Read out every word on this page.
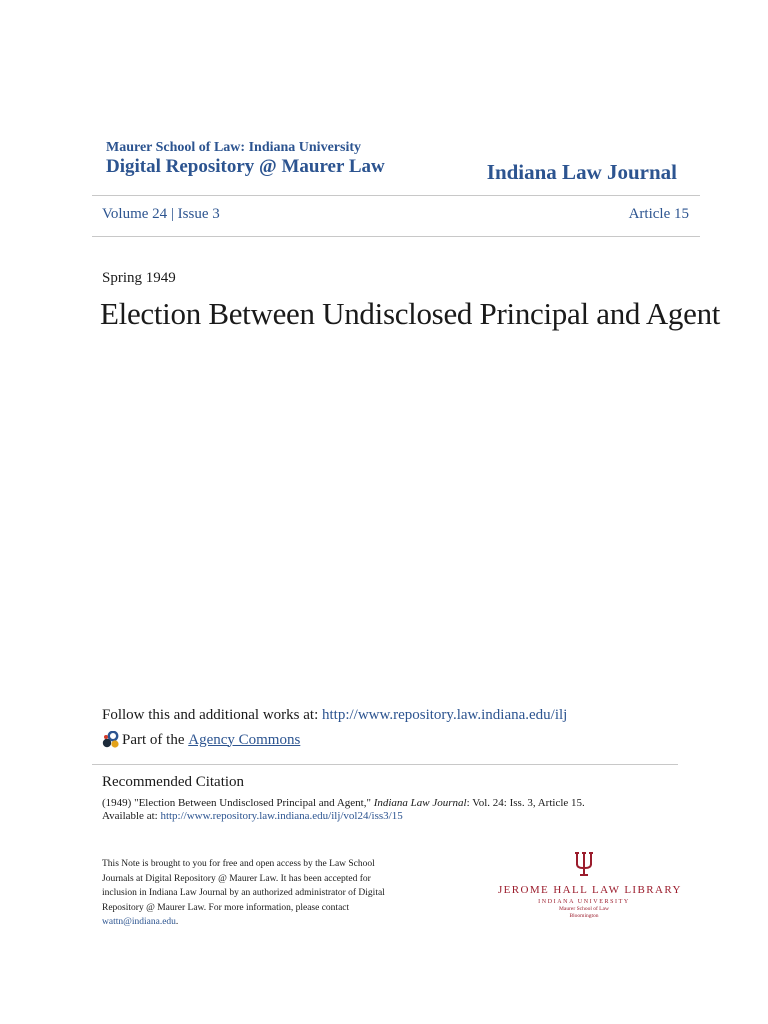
Maurer School of Law: Indiana University
Digital Repository @ Maurer Law	Indiana Law Journal
Volume 24 | Issue 3	Article 15
Spring 1949
Election Between Undisclosed Principal and Agent
Follow this and additional works at: http://www.repository.law.indiana.edu/ilj
Part of the
Agency Commons
Recommended Citation
(1949) "Election Between Undisclosed Principal and Agent," Indiana Law Journal: Vol. 24: Iss. 3, Article 15.
Available at: http://www.repository.law.indiana.edu/ilj/vol24/iss3/15
This Note is brought to you for free and open access by the Law School Journals at Digital Repository @ Maurer Law. It has been accepted for inclusion in Indiana Law Journal by an authorized administrator of Digital Repository @ Maurer Law. For more information, please contact wattn@indiana.edu.
JEROME HALL LAW LIBRARY
INDIANA UNIVERSITY
Maurer School of Law
Bloomington
